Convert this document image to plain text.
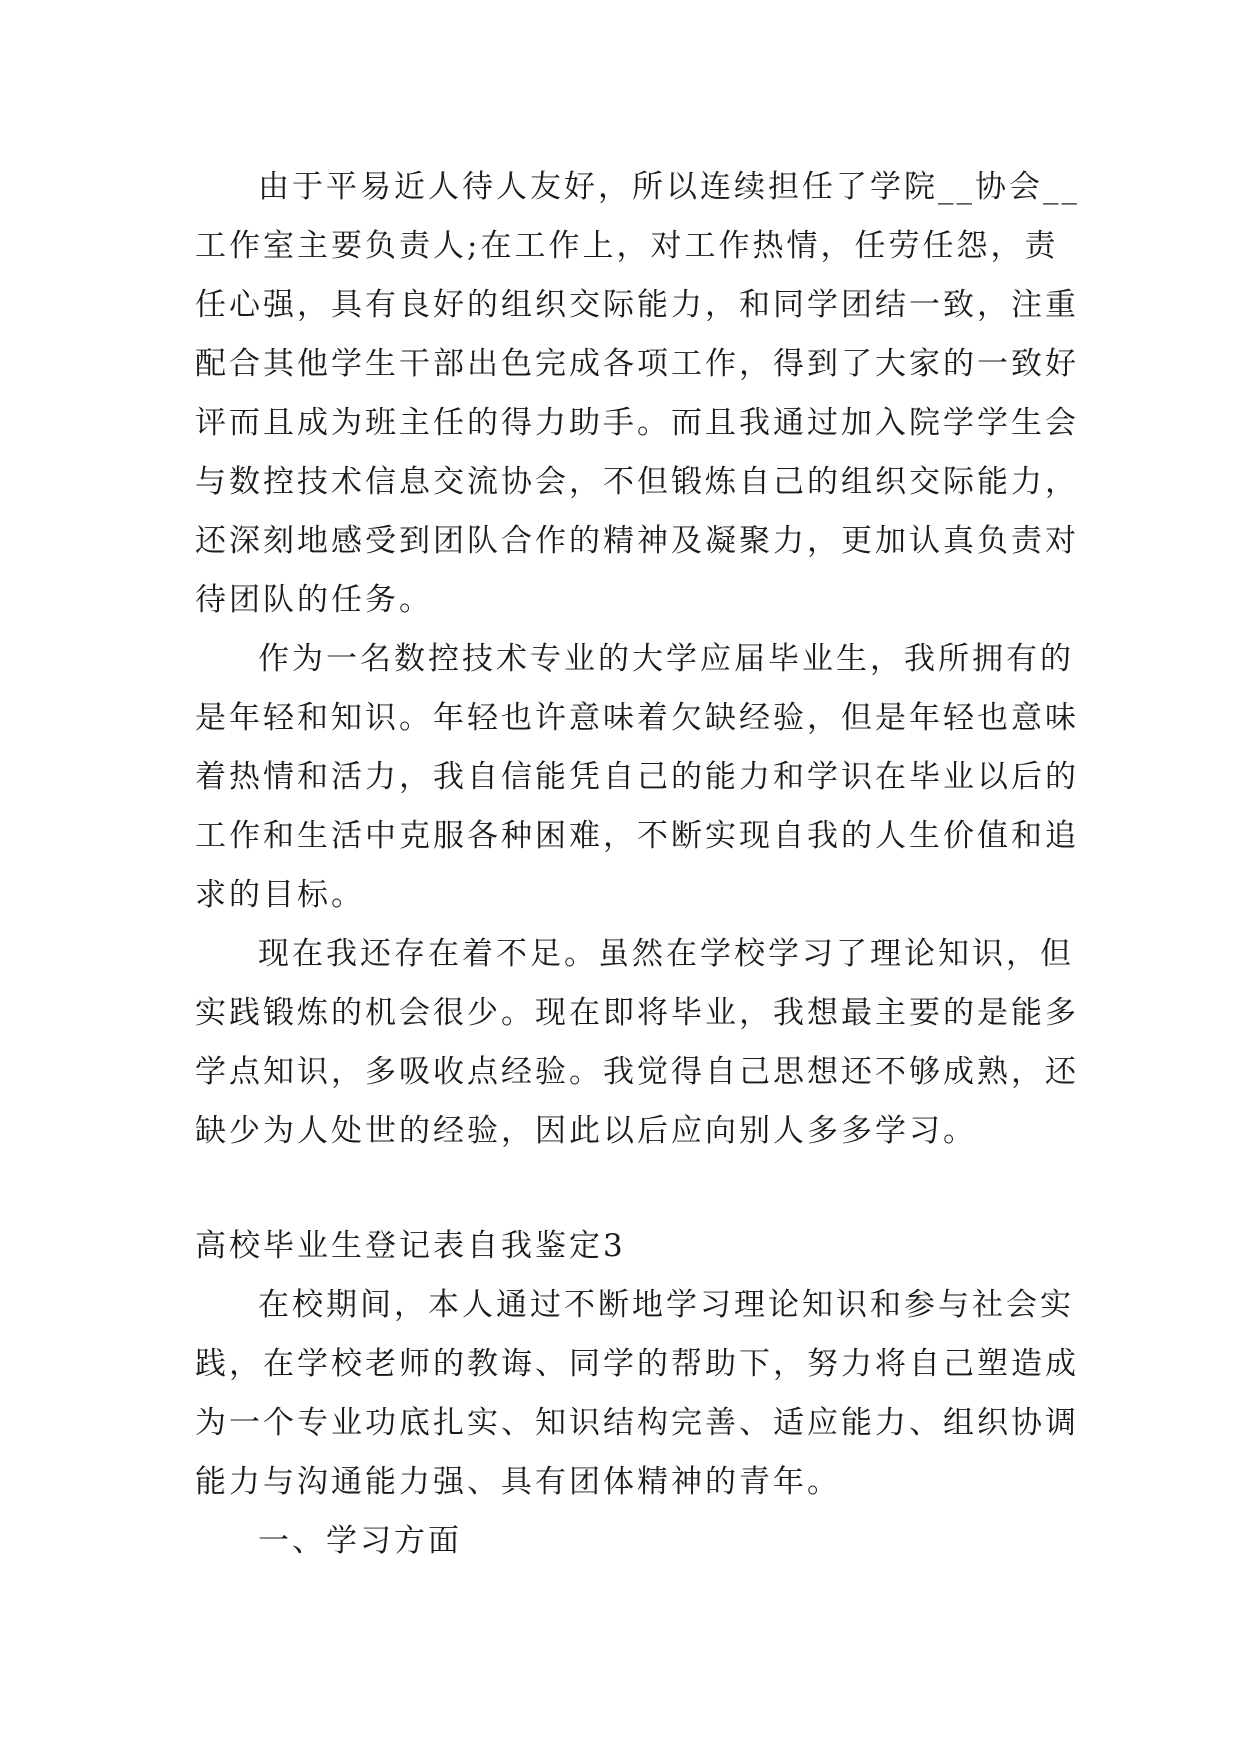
由于平易近人待人友好，所以连续担任了学院__协会__
工作室主要负责人;在工作上，对工作热情，任劳任怨，责
任心强，具有良好的组织交际能力，和同学团结一致，注重
配合其他学生干部出色完成各项工作，得到了大家的一致好
评而且成为班主任的得力助手。而且我通过加入院学学生会
与数控技术信息交流协会，不但锻炼自己的组织交际能力，
还深刻地感受到团队合作的精神及凝聚力，更加认真负责对
待团队的任务。
作为一名数控技术专业的大学应届毕业生，我所拥有的
是年轻和知识。年轻也许意味着欠缺经验，但是年轻也意味
着热情和活力，我自信能凭自己的能力和学识在毕业以后的
工作和生活中克服各种困难，不断实现自我的人生价值和追
求的目标。
现在我还存在着不足。虽然在学校学习了理论知识，但
实践锻炼的机会很少。现在即将毕业，我想最主要的是能多
学点知识，多吸收点经验。我觉得自己思想还不够成熟，还
缺少为人处世的经验，因此以后应向别人多多学习。
高校毕业生登记表自我鉴定3
在校期间，本人通过不断地学习理论知识和参与社会实
践，在学校老师的教诲、同学的帮助下，努力将自己塑造成
为一个专业功底扎实、知识结构完善、适应能力、组织协调
能力与沟通能力强、具有团体精神的青年。
一、学习方面
